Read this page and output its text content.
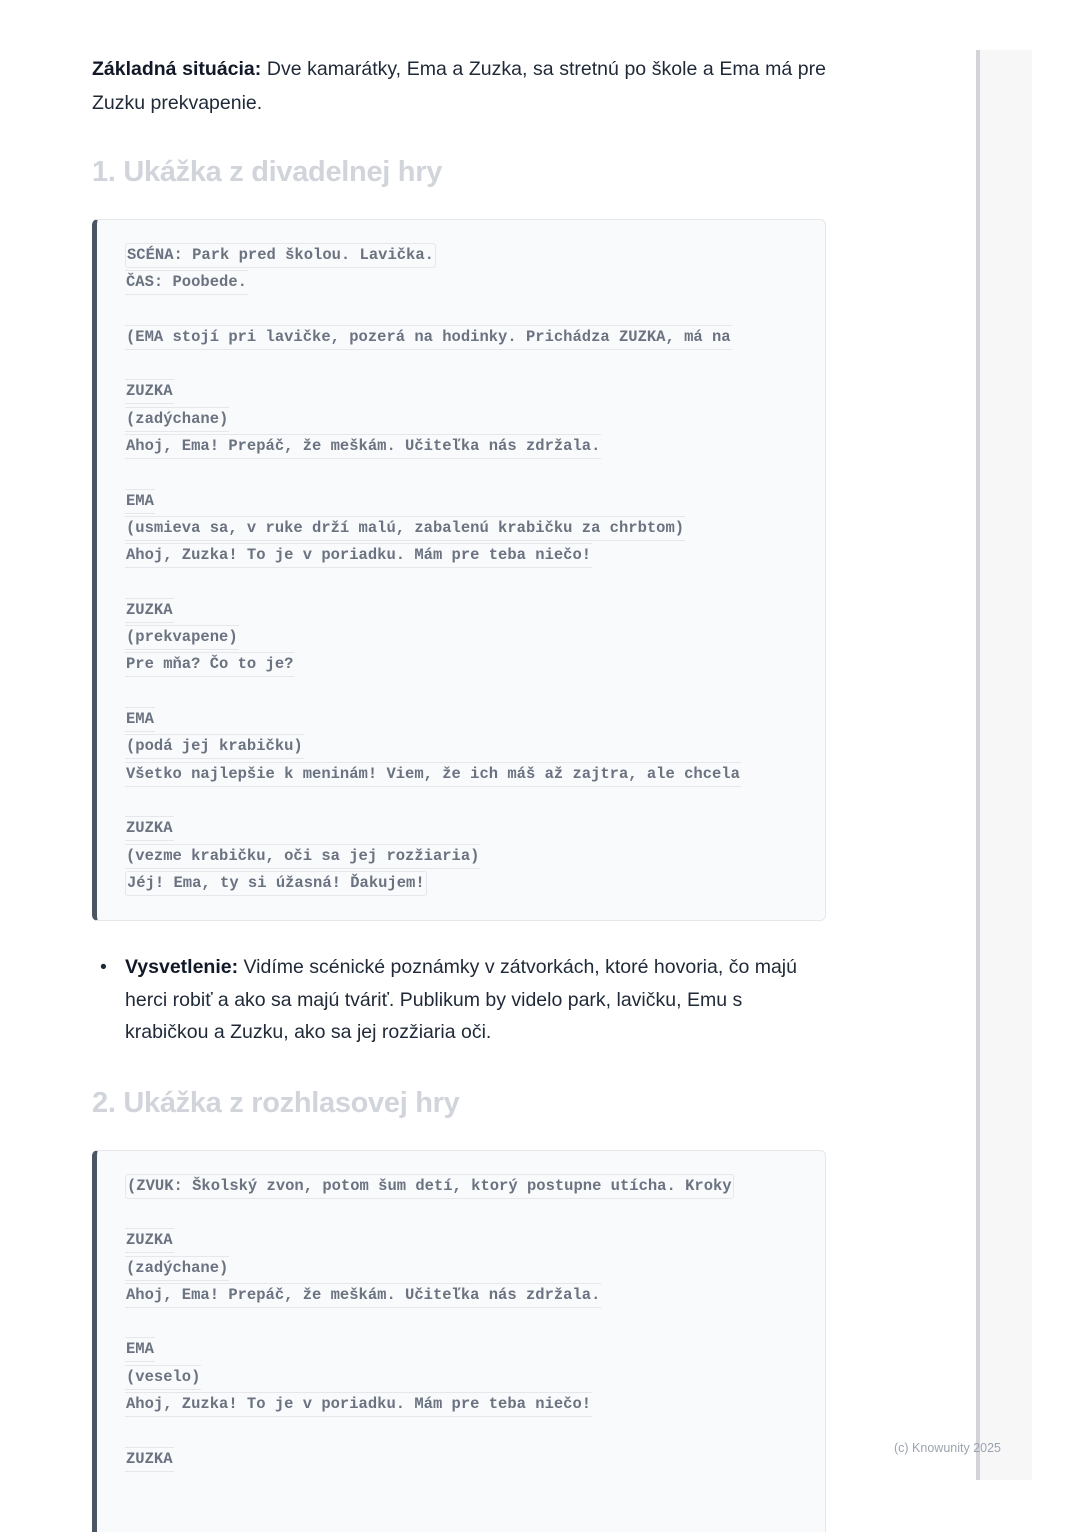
Základná situácia: Dve kamarátky, Ema a Zuzka, sa stretnú po škole a Ema má pre Zuzku prekvapenie.

1. Ukážka z divadelnej hry
SCÉNA: Park pred školou. Lavička.
ČAS: Poobede.
(EMA stojí pri lavičke, pozerá na hodinky. Prichádza ZUZKA, má na
ZUZKA
(zadýchane)
Ahoj, Ema! Prepáč, že meškám. Učiteľka nás zdržala.
EMA
(usmieva sa, v ruke drží malú, zabalenú krabičku za chrbtom)
Ahoj, Zuzka! To je v poriadku. Mám pre teba niečo!
ZUZKA
(prekvapene)
Pre mňa? Čo to je?
EMA
(podá jej krabičku)
Všetko najlepšie k meninám! Viem, že ich máš až zajtra, ale chcela
ZUZKA
(vezme krabičku, oči sa jej rozžiaria)
Jéj! Ema, ty si úžasná! Ďakujem!
• Vysvetlenie: Vidíme scénické poznámky v zátvorkách, ktoré hovoria, čo majú herci robiť a ako sa majú tváriť. Publikum by videlo park, lavičku, Emu s krabičkou a Zuzku, ako sa jej rozžiaria oči.
2. Ukážka z rozhlasovej hry
(ZVUK: Školský zvon, potom šum detí, ktorý postupne utícha. Kroky
ZUZKA
(zadýchane)
Ahoj, Ema! Prepáč, že meškám. Učiteľka nás zdržala.
EMA
(veselo)
Ahoj, Zuzka! To je v poriadku. Mám pre teba niečo!
ZUZKA
(c) Knowunity 2025
